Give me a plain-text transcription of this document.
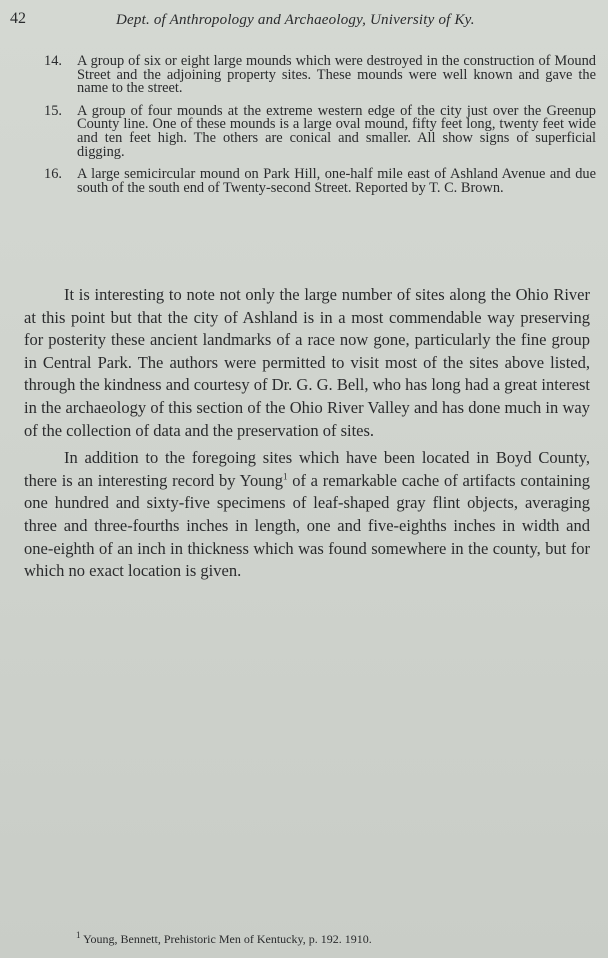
42	Dept. of Anthropology and Archaeology, University of Ky.
14.	A group of six or eight large mounds which were destroyed in the construction of Mound Street and the adjoining property sites. These mounds were well known and gave the name to the street.
15.	A group of four mounds at the extreme western edge of the city just over the Greenup County line. One of these mounds is a large oval mound, fifty feet long, twenty feet wide and ten feet high. The others are conical and smaller. All show signs of superficial digging.
16.	A large semicircular mound on Park Hill, one-half mile east of Ashland Avenue and due south of the south end of Twenty-second Street. Reported by T. C. Brown.

It is interesting to note not only the large number of sites along the Ohio River at this point but that the city of Ashland is in a most commendable way preserving for posterity these ancient landmarks of a race now gone, particularly the fine group in Central Park. The authors were permitted to visit most of the sites above listed, through the kindness and courtesy of Dr. G. G. Bell, who has long had a great interest in the archaeology of this section of the Ohio River Valley and has done much in way of the collection of data and the preservation of sites.

In addition to the foregoing sites which have been located in Boyd County, there is an interesting record by Young$^1$ of a remarkable cache of artifacts containing one hundred and sixty-five specimens of leaf-shaped gray flint objects, averaging three and three-fourths inches in length, one and five-eighths inches in width and one-eighth of an inch in thickness which was found somewhere in the county, but for which no exact location is given.

$^1$ Young, Bennett, Prehistoric Men of Kentucky, p. 192. 1910.
